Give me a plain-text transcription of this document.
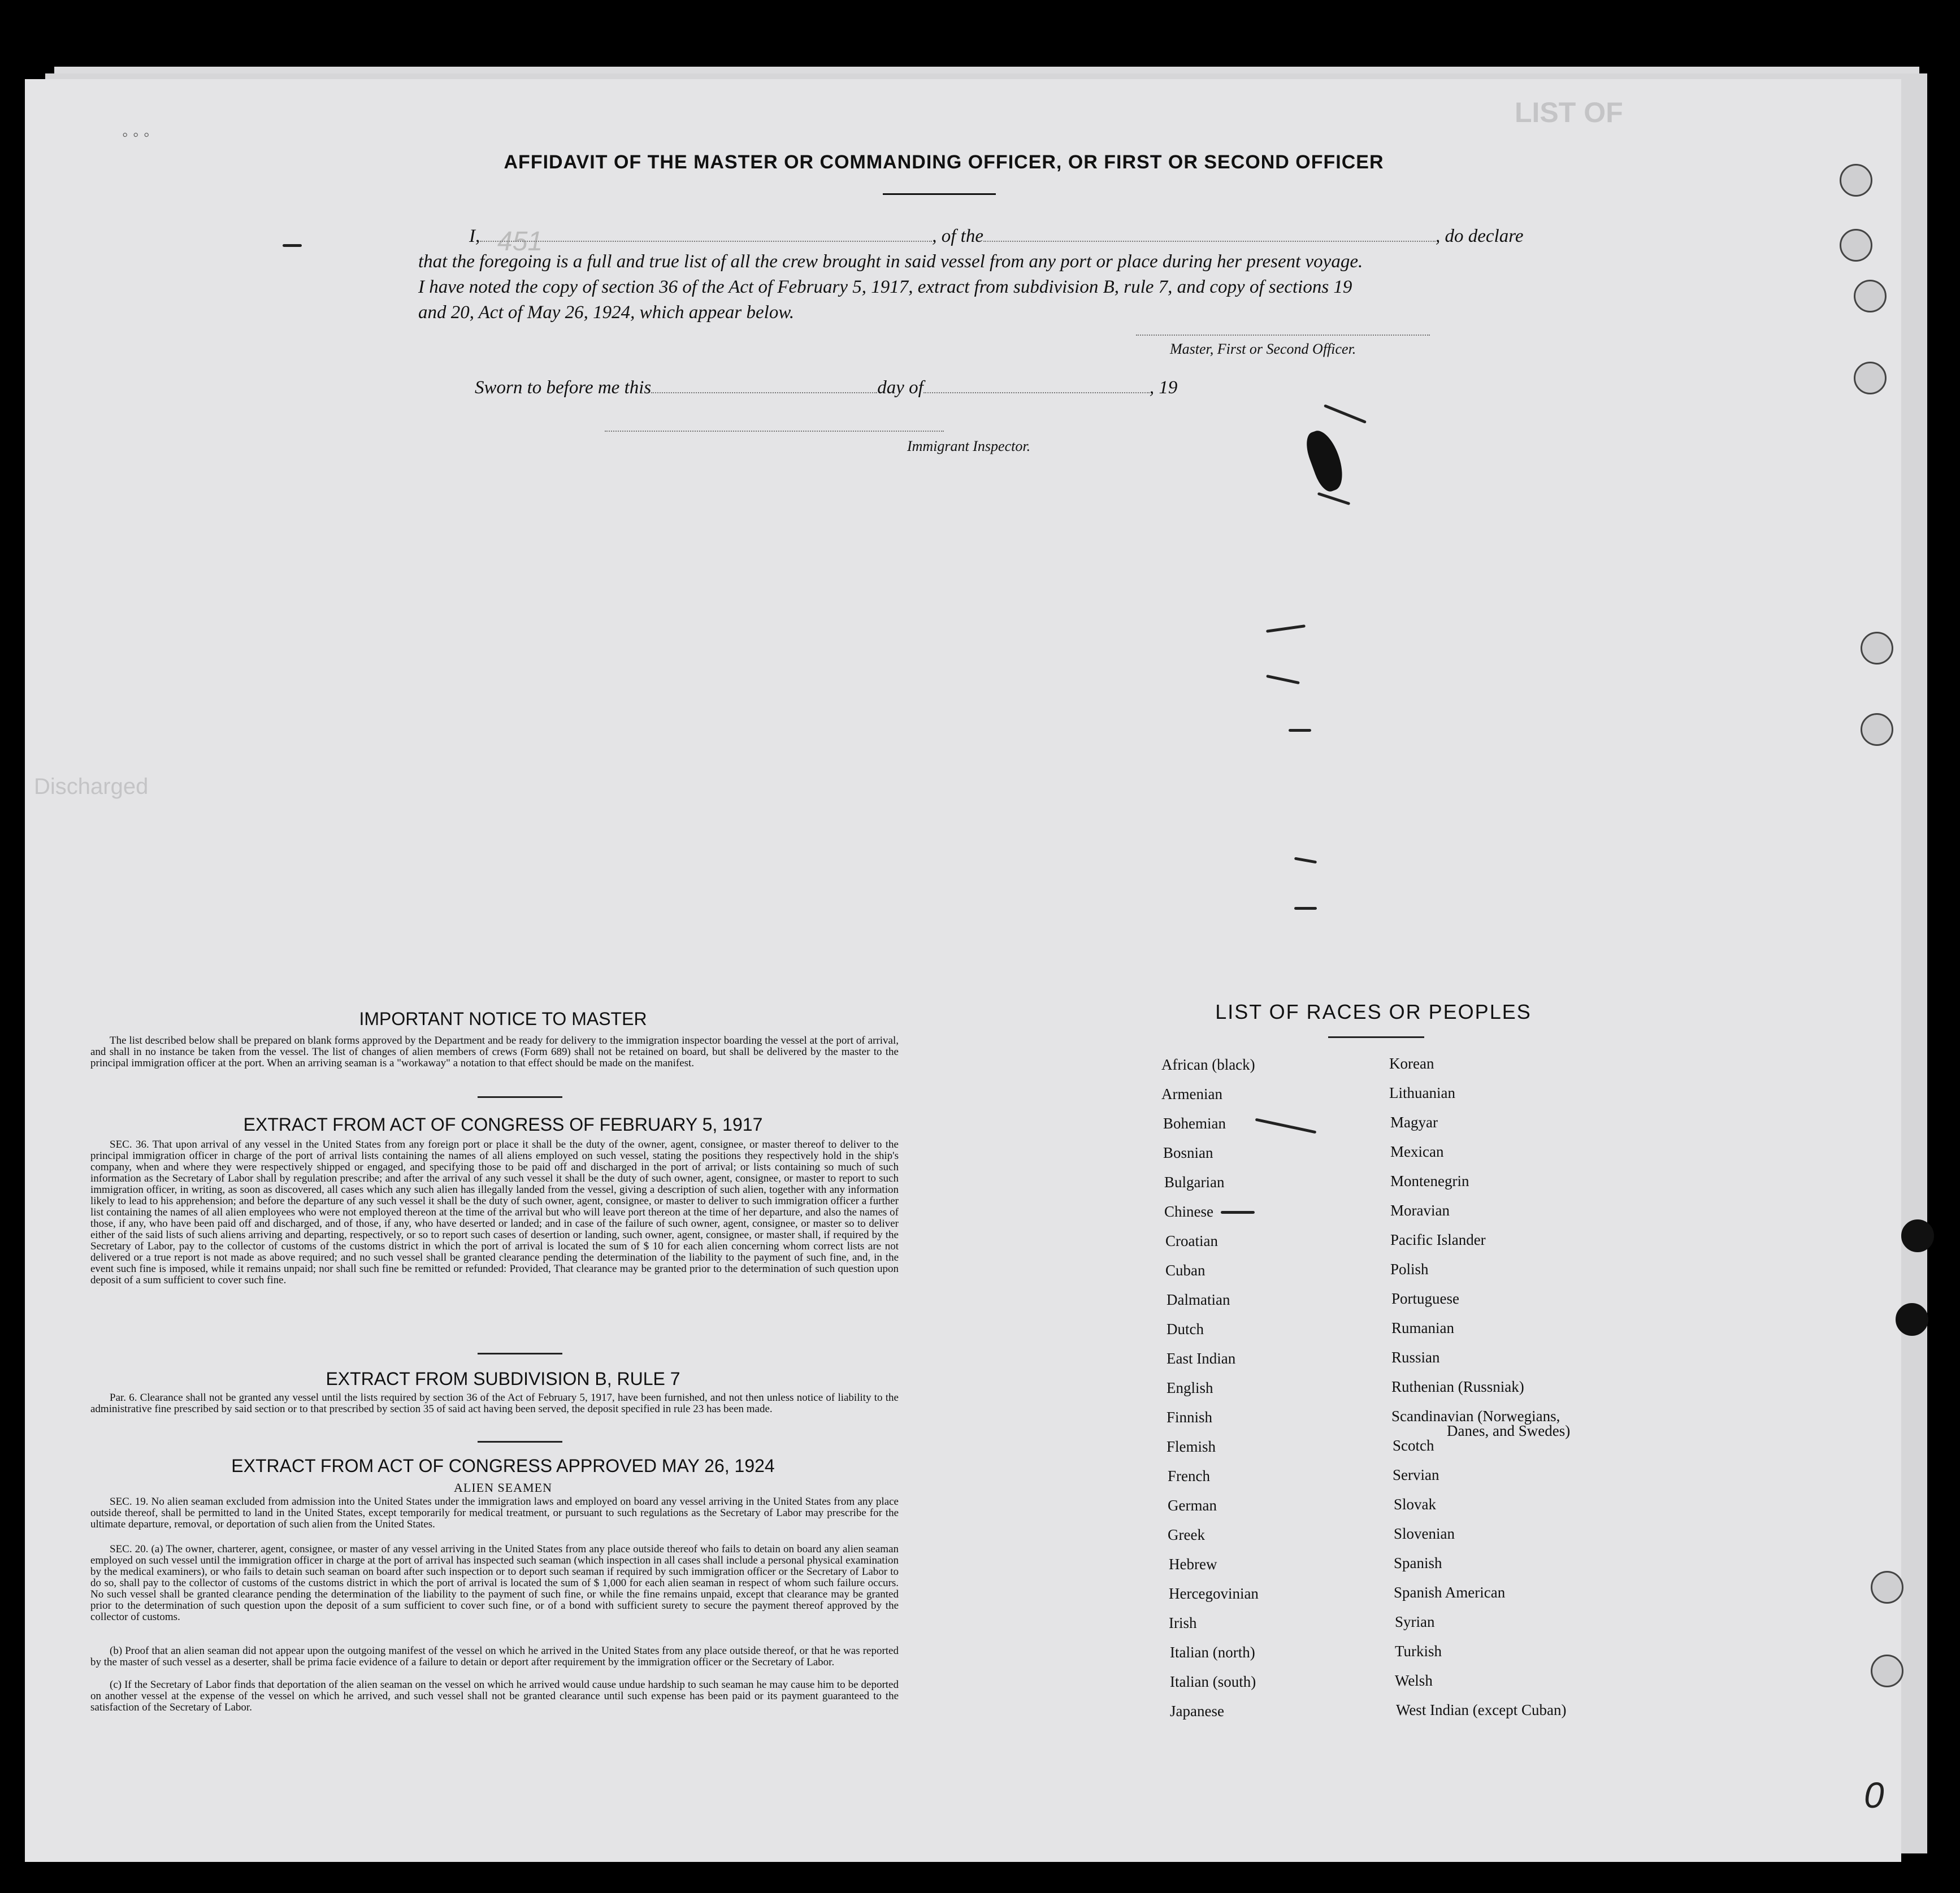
LIST OF
Discharged
◦ ◦ ◦
451
0
AFFIDAVIT OF THE MASTER OR COMMANDING OFFICER, OR FIRST OR SECOND OFFICER
I,	, of the	, do declare
that the foregoing is a full and true list of all the crew brought in said vessel from any port or place during her present voyage.
I have noted the copy of section 36 of the Act of February 5, 1917, extract from subdivision B, rule 7, and copy of sections 19
and 20, Act of May 26, 1924, which appear below.
Master, First or Second Officer.
Sworn to before me this	day of	, 19
Immigrant Inspector.
IMPORTANT NOTICE TO MASTER
The list described below shall be prepared on blank forms approved by the Department and be ready for delivery to the immigration inspector boarding the vessel at the port of arrival, and shall in no instance be taken from the vessel. The list of changes of alien members of crews (Form 689) shall not be retained on board, but shall be delivered by the master to the principal immigration officer at the port. When an arriving seaman is a "workaway" a notation to that effect should be made on the manifest.
EXTRACT FROM ACT OF CONGRESS OF FEBRUARY 5, 1917
SEC. 36. That upon arrival of any vessel in the United States from any foreign port or place it shall be the duty of the owner, agent, consignee, or master thereof to deliver to the principal immigration officer in charge of the port of arrival lists containing the names of all aliens employed on such vessel, stating the positions they respectively hold in the ship's company, when and where they were respectively shipped or engaged, and specifying those to be paid off and discharged in the port of arrival; or lists containing so much of such information as the Secretary of Labor shall by regulation prescribe; and after the arrival of any such vessel it shall be the duty of such owner, agent, consignee, or master to report to such immigration officer, in writing, as soon as discovered, all cases which any such alien has illegally landed from the vessel, giving a description of such alien, together with any information likely to lead to his apprehension; and before the departure of any such vessel it shall be the duty of such owner, agent, consignee, or master to deliver to such immigration officer a further list containing the names of all alien employees who were not employed thereon at the time of the arrival but who will leave port thereon at the time of her departure, and also the names of those, if any, who have been paid off and discharged, and of those, if any, who have deserted or landed; and in case of the failure of such owner, agent, consignee, or master so to deliver either of the said lists of such aliens arriving and departing, respectively, or so to report such cases of desertion or landing, such owner, agent, consignee, or master shall, if required by the Secretary of Labor, pay to the collector of customs of the customs district in which the port of arrival is located the sum of $ 10 for each alien concerning whom correct lists are not delivered or a true report is not made as above required; and no such vessel shall be granted clearance pending the determination of the liability to the payment of such fine, and, in the event such fine is imposed, while it remains unpaid; nor shall such fine be remitted or refunded: Provided, That clearance may be granted prior to the determination of such question upon deposit of a sum sufficient to cover such fine.
EXTRACT FROM SUBDIVISION B, RULE 7
Par. 6. Clearance shall not be granted any vessel until the lists required by section 36 of the Act of February 5, 1917, have been furnished, and not then unless notice of liability to the administrative fine prescribed by said section or to that prescribed by section 35 of said act having been served, the deposit specified in rule 23 has been made.
EXTRACT FROM ACT OF CONGRESS APPROVED MAY 26, 1924
ALIEN SEAMEN
SEC. 19. No alien seaman excluded from admission into the United States under the immigration laws and employed on board any vessel arriving in the United States from any place outside thereof, shall be permitted to land in the United States, except temporarily for medical treatment, or pursuant to such regulations as the Secretary of Labor may prescribe for the ultimate departure, removal, or deportation of such alien from the United States.
SEC. 20. (a) The owner, charterer, agent, consignee, or master of any vessel arriving in the United States from any place outside thereof who fails to detain on board any alien seaman employed on such vessel until the immigration officer in charge at the port of arrival has inspected such seaman (which inspection in all cases shall include a personal physical examination by the medical examiners), or who fails to detain such seaman on board after such inspection or to deport such seaman if required by such immigration officer or the Secretary of Labor to do so, shall pay to the collector of customs of the customs district in which the port of arrival is located the sum of $ 1,000 for each alien seaman in respect of whom such failure occurs. No such vessel shall be granted clearance pending the determination of the liability to the payment of such fine, or while the fine remains unpaid, except that clearance may be granted prior to the determination of such question upon the deposit of a sum sufficient to cover such fine, or of a bond with sufficient surety to secure the payment thereof approved by the collector of customs.
(b) Proof that an alien seaman did not appear upon the outgoing manifest of the vessel on which he arrived in the United States from any place outside thereof, or that he was reported by the master of such vessel as a deserter, shall be prima facie evidence of a failure to detain or deport after requirement by the immigration officer or the Secretary of Labor.
(c) If the Secretary of Labor finds that deportation of the alien seaman on the vessel on which he arrived would cause undue hardship to such seaman he may cause him to be deported on another vessel at the expense of the vessel on which he arrived, and such vessel shall not be granted clearance until such expense has been paid or its payment guaranteed to the satisfaction of the Secretary of Labor.
LIST OF RACES OR PEOPLES
African (black)
Armenian
Bohemian
Bosnian
Bulgarian
Chinese
Croatian
Cuban
Dalmatian
Dutch
East Indian
English
Finnish
Flemish
French
German
Greek
Hebrew
Hercegovinian
Irish
Italian (north)
Italian (south)
Japanese
Korean
Lithuanian
Magyar
Mexican
Montenegrin
Moravian
Pacific Islander
Polish
Portuguese
Rumanian
Russian
Ruthenian (Russniak)
Scandinavian (Norwegians,
Danes, and Swedes)
Scotch
Servian
Slovak
Slovenian
Spanish
Spanish American
Syrian
Turkish
Welsh
West Indian (except Cuban)
